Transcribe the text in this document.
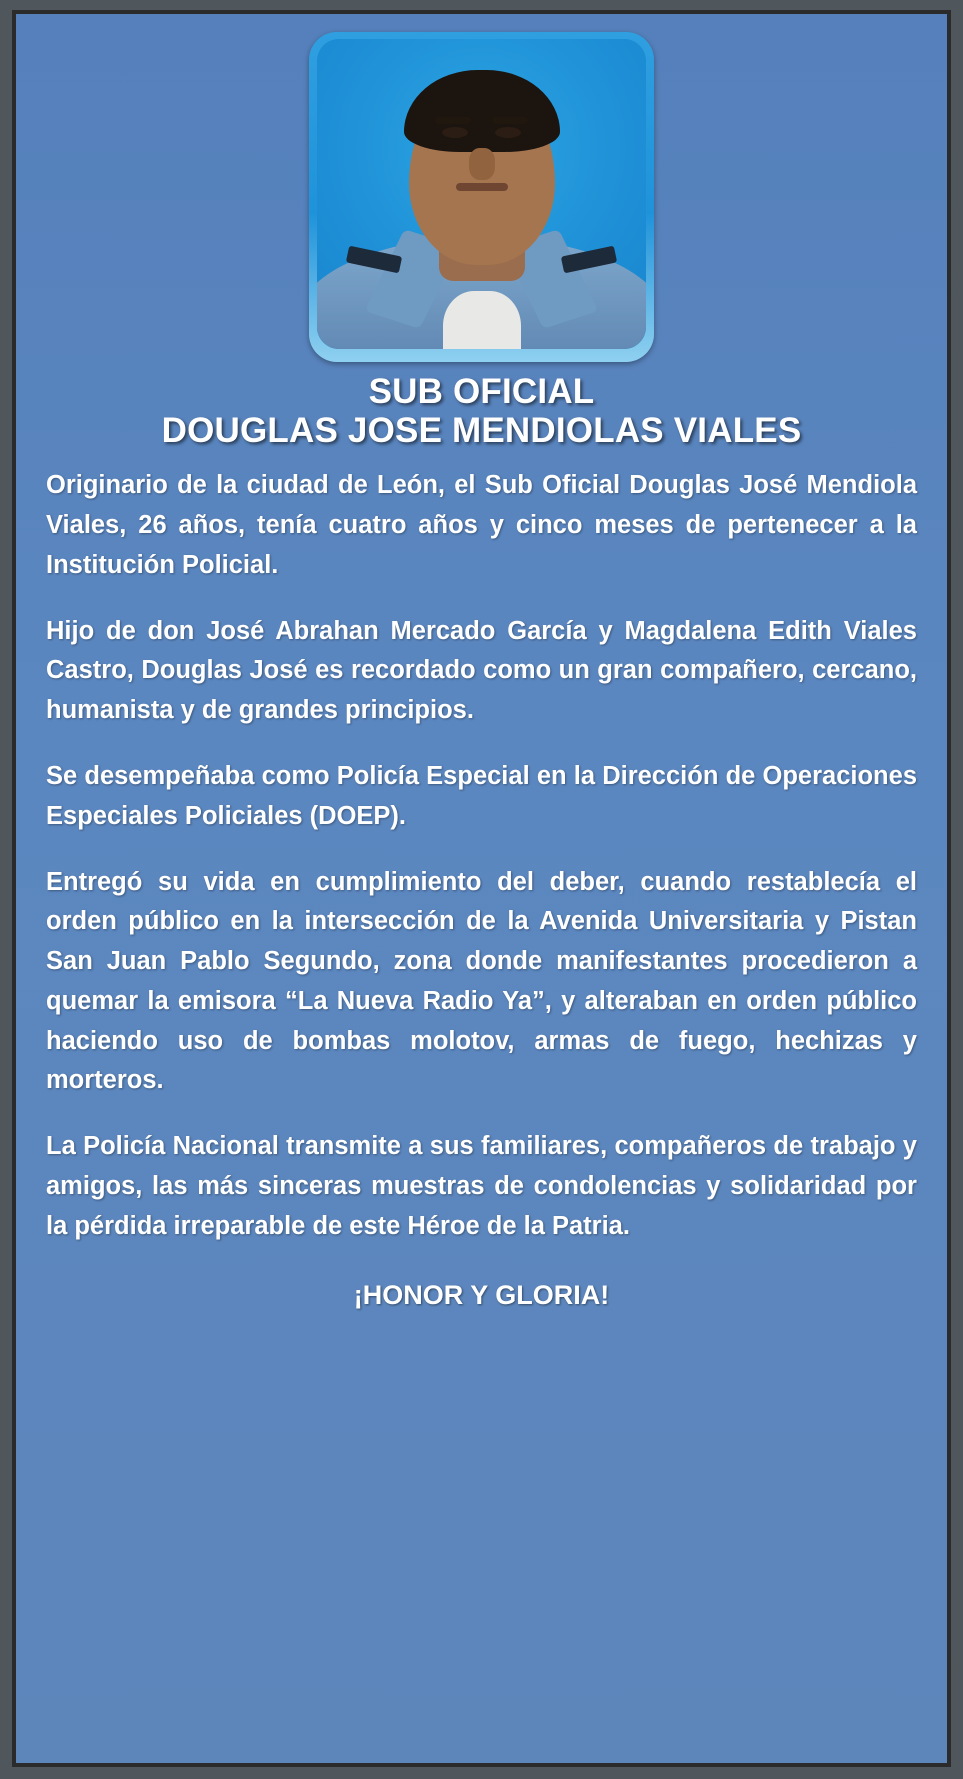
SUB OFICIAL
DOUGLAS JOSE MENDIOLAS VIALES

Originario de la ciudad de León, el Sub Oficial Douglas José Mendiola Viales, 26 años, tenía cuatro años y cinco meses de pertenecer a la Institución Policial.

Hijo de don José Abrahan Mercado García y Magdalena Edith Viales Castro, Douglas José es recordado como un gran compañero, cercano, humanista y de grandes principios.

Se desempeñaba como Policía Especial en la Dirección de Operaciones Especiales Policiales (DOEP).

Entregó su vida en cumplimiento del deber, cuando restablecía el orden público en la intersección de la Avenida Universitaria y Pistan San Juan Pablo Segundo, zona donde manifestantes procedieron a quemar la emisora “La Nueva Radio Ya”, y alteraban en orden público haciendo uso de bombas molotov, armas de fuego, hechizas y morteros.

La Policía Nacional transmite a sus familiares, compañeros de trabajo y amigos, las más sinceras muestras de condolencias y solidaridad por la pérdida irreparable de este Héroe de la Patria.

¡HONOR Y GLORIA!
